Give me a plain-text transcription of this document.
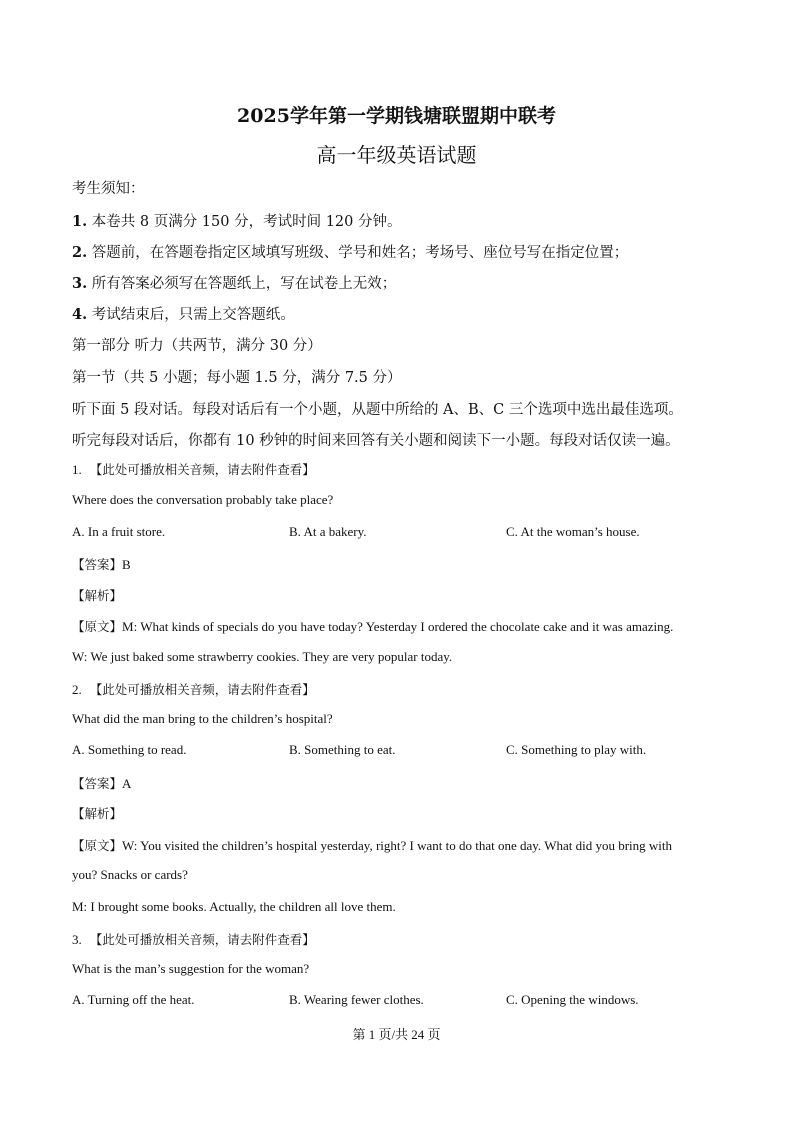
2025学年第一学期钱塘联盟期中联考
高一年级英语试题
考生须知：
1. 本卷共 8 页满分 150 分，考试时间 120 分钟。
2. 答题前，在答题卷指定区域填写班级、学号和姓名；考场号、座位号写在指定位置；
3. 所有答案必须写在答题纸上，写在试卷上无效；
4. 考试结束后，只需上交答题纸。
第一部分 听力（共两节，满分 30 分）
第一节（共 5 小题；每小题 1.5 分，满分 7.5 分）
听下面 5 段对话。每段对话后有一个小题，从题中所给的 A、B、C 三个选项中选出最佳选项。
听完每段对话后，你都有 10 秒钟的时间来回答有关小题和阅读下一小题。每段对话仅读一遍。
1. 【此处可播放相关音频，请去附件查看】
Where does the conversation probably take place?
A. In a fruit store.	B. At a bakery.	C. At the woman’s house.
【答案】B
【解析】
【原文】M: What kinds of specials do you have today? Yesterday I ordered the chocolate cake and it was amazing.
W: We just baked some strawberry cookies. They are very popular today.
2. 【此处可播放相关音频，请去附件查看】
What did the man bring to the children’s hospital?
A. Something to read.	B. Something to eat.	C. Something to play with.
【答案】A
【解析】
【原文】W: You visited the children’s hospital yesterday, right? I want to do that one day. What did you bring with
you? Snacks or cards?
M: I brought some books. Actually, the children all love them.
3. 【此处可播放相关音频，请去附件查看】
What is the man’s suggestion for the woman?
A. Turning off the heat.	B. Wearing fewer clothes.	C. Opening the windows.
第 1 页/共 24 页
